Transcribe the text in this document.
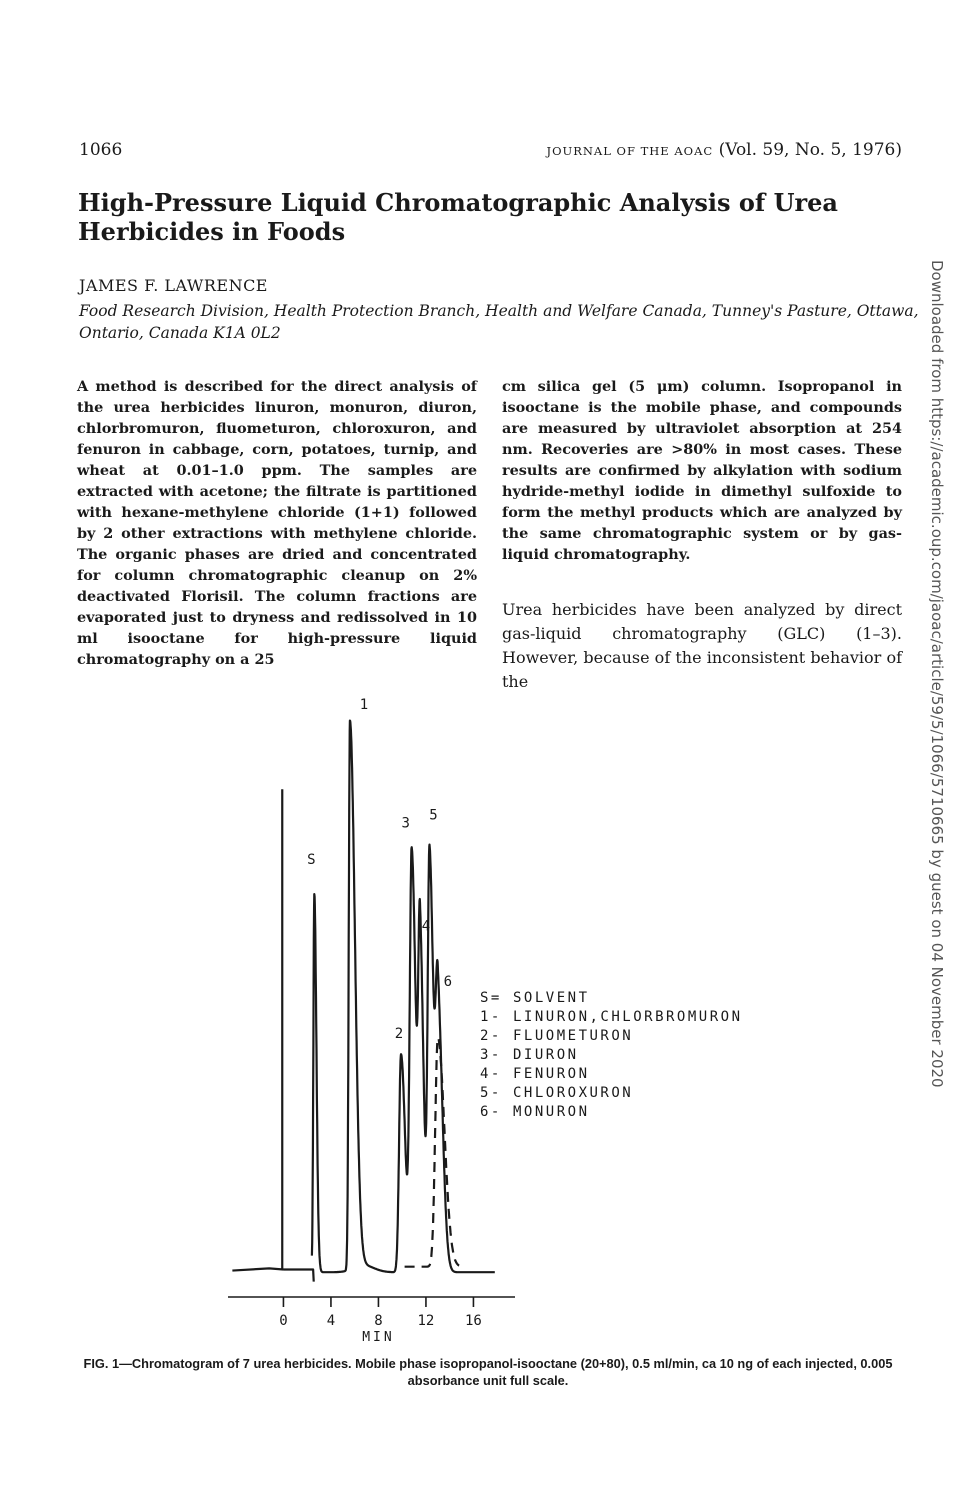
1066	JOURNAL OF THE AOAC (Vol. 59, No. 5, 1976)
High-Pressure Liquid Chromatographic Analysis of Urea Herbicides in Foods
JAMES F. LAWRENCE
Food Research Division, Health Protection Branch, Health and Welfare Canada, Tunney's Pasture, Ottawa, Ontario, Canada K1A 0L2

A method is described for the direct analysis of the urea herbicides linuron, monuron, diuron, chlorbromuron, fluometuron, chloroxuron, and fenuron in cabbage, corn, potatoes, turnip, and wheat at 0.01–1.0 ppm. The samples are extracted with acetone; the filtrate is partitioned with hexane-methylene chloride (1+1) followed by 2 other extractions with methylene chloride. The organic phases are dried and concentrated for column chromatographic cleanup on 2% deactivated Florisil. The column fractions are evaporated just to dryness and redissolved in 10 ml isooctane for high-pressure liquid chromatography on a 25

cm silica gel (5 μm) column. Isopropanol in isooctane is the mobile phase, and compounds are measured by ultraviolet absorption at 254 nm. Recoveries are >80% in most cases. These results are confirmed by alkylation with sodium hydride-methyl iodide in dimethyl sulfoxide to form the methyl products which are analyzed by the same chromatographic system or by gas-liquid chromatography.

Urea herbicides have been analyzed by direct gas-liquid chromatography (GLC) (1–3). However, because of the inconsistent behavior of the	Downloaded from https://academic.oup.com/jaoac/article/59/5/1066/5710665 by guest on 04 November 2020
0	4	8 12 16
MIN
S
1
2
3
4
5
6
S= SOLVENT
1- LINURON,CHLORBROMURON
2- FLUOMETURON
3- DIURON
4- FENURON
5- CHLOROXURON
6- MONURON

FIG. 1—Chromatogram of 7 urea herbicides. Mobile phase isopropanol-isooctane (20+80), 0.5 ml/min, ca 10 ng of each injected, 0.005 absorbance unit full scale.
